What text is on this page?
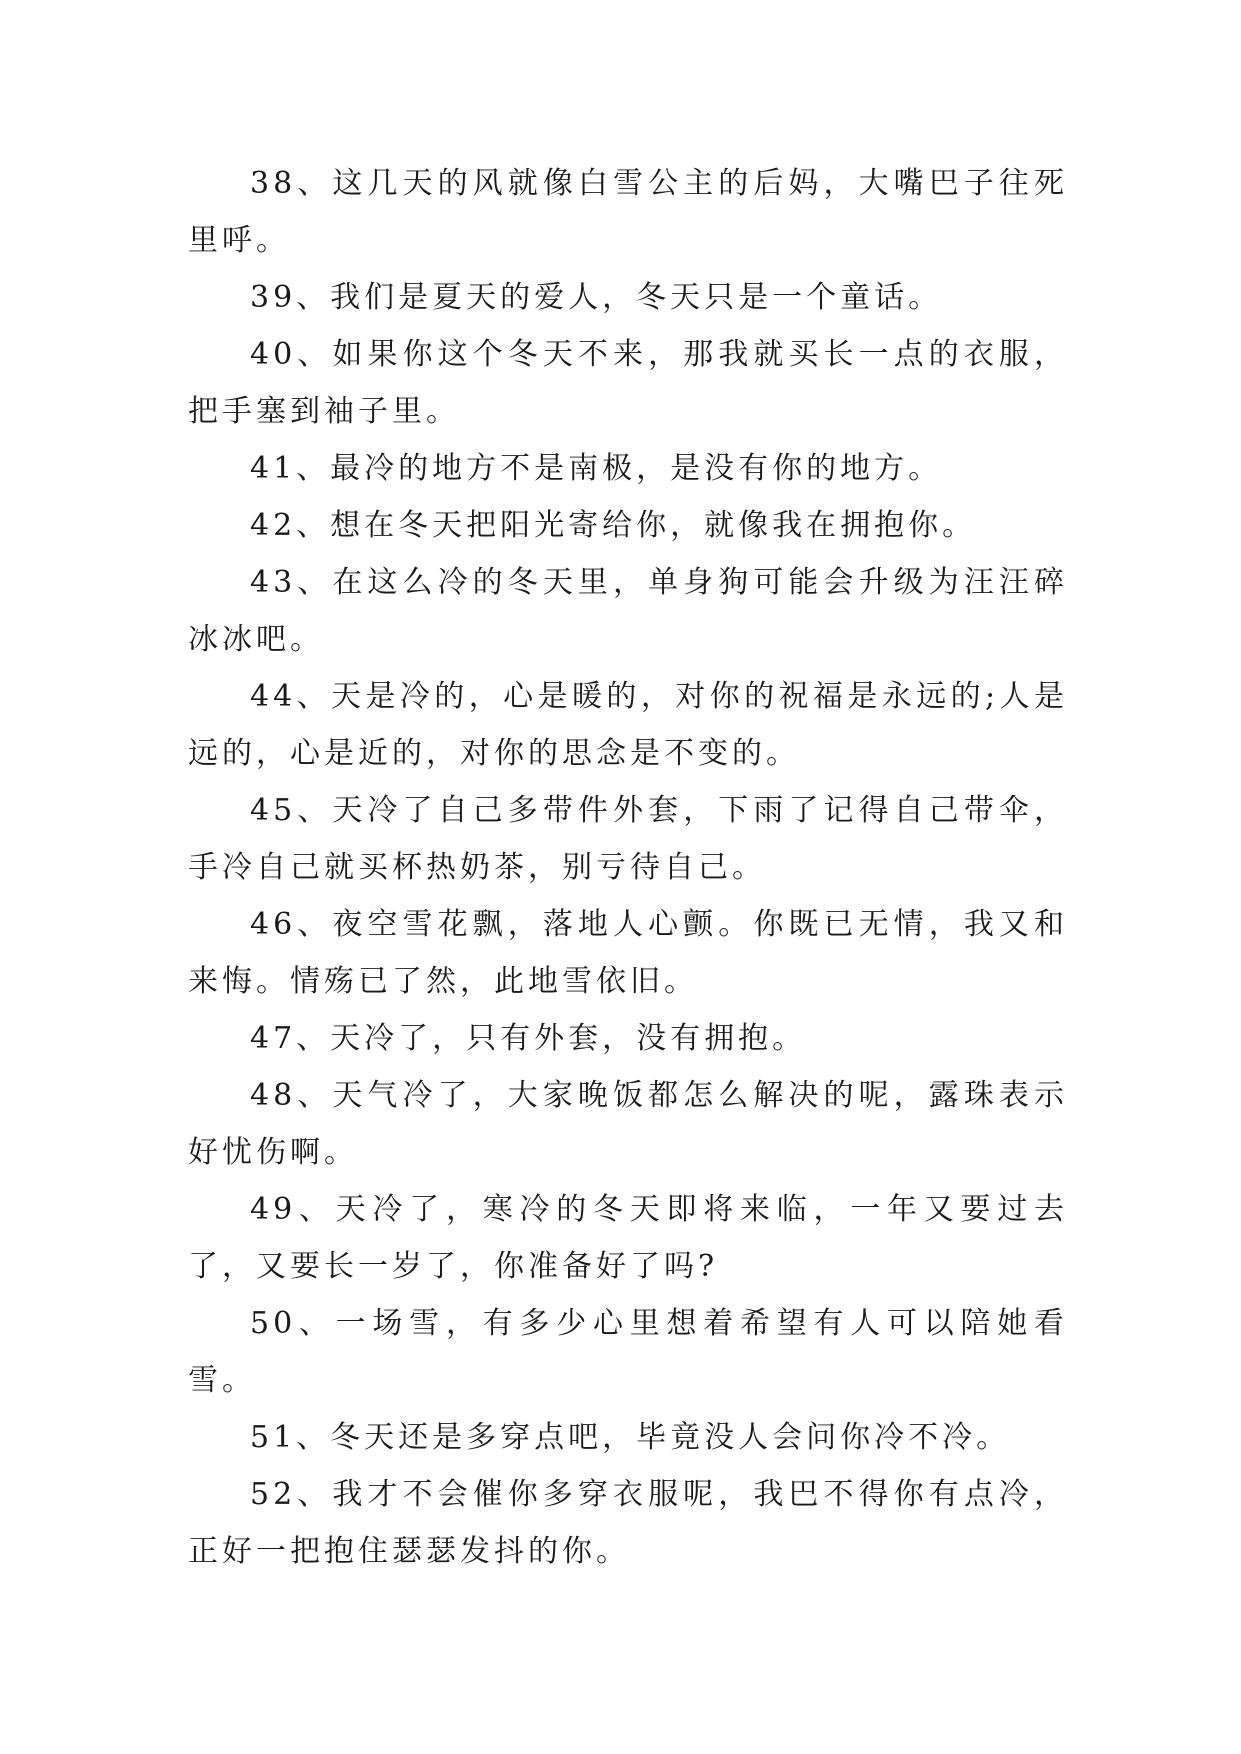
38、这几天的风就像白雪公主的后妈，大嘴巴子往死里呼。

39、我们是夏天的爱人，冬天只是一个童话。

40、如果你这个冬天不来，那我就买长一点的衣服，把手塞到袖子里。

41、最冷的地方不是南极，是没有你的地方。

42、想在冬天把阳光寄给你，就像我在拥抱你。

43、在这么冷的冬天里，单身狗可能会升级为汪汪碎冰冰吧。

44、天是冷的，心是暖的，对你的祝福是永远的;人是远的，心是近的，对你的思念是不变的。

45、天冷了自己多带件外套，下雨了记得自己带伞，手冷自己就买杯热奶茶，别亏待自己。

46、夜空雪花飘，落地人心颤。你既已无情，我又和来悔。情殇已了然，此地雪依旧。

47、天冷了，只有外套，没有拥抱。

48、天气冷了，大家晚饭都怎么解决的呢，露珠表示好忧伤啊。

49、天冷了，寒冷的冬天即将来临，一年又要过去了，又要长一岁了，你准备好了吗?

50、一场雪，有多少心里想着希望有人可以陪她看雪。

51、冬天还是多穿点吧，毕竟没人会问你冷不冷。

52、我才不会催你多穿衣服呢，我巴不得你有点冷，正好一把抱住瑟瑟发抖的你。
